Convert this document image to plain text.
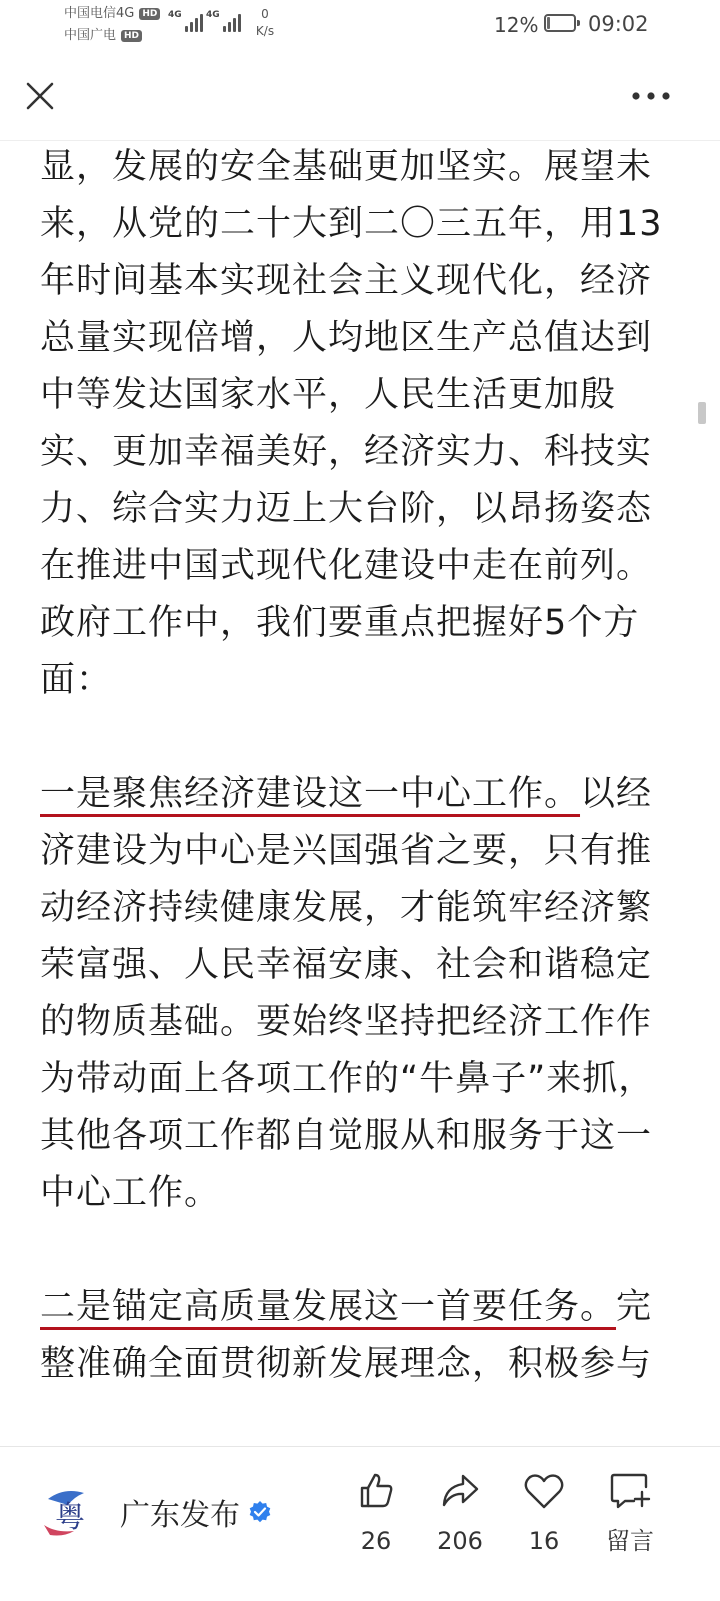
中国电信4G HD
中国广电 HD
4G	4G	0
K/s	12% ❦ 09:02

显，发展的安全基础更加坚实。展望未来，从党的二十大到二〇三五年，用13年时间基本实现社会主义现代化，经济总量实现倍增，人均地区生产总值达到中等发达国家水平，人民生活更加殷实、更加幸福美好，经济实力、科技实力、综合实力迈上大台阶，以昂扬姿态在推进中国式现代化建设中走在前列。政府工作中，我们要重点把握好5个方面：

一是聚焦经济建设这一中心工作。以经济建设为中心是兴国强省之要，只有推动经济持续健康发展，才能筑牢经济繁荣富强、人民幸福安康、社会和谐稳定的物质基础。要始终坚持把经济工作作为带动面上各项工作的“牛鼻子”来抓，其他各项工作都自觉服从和服务于这一中心工作。

二是锚定高质量发展这一首要任务。完整准确全面贯彻新发展理念，积极参与

粤 广东发布
26 206 16 留言
